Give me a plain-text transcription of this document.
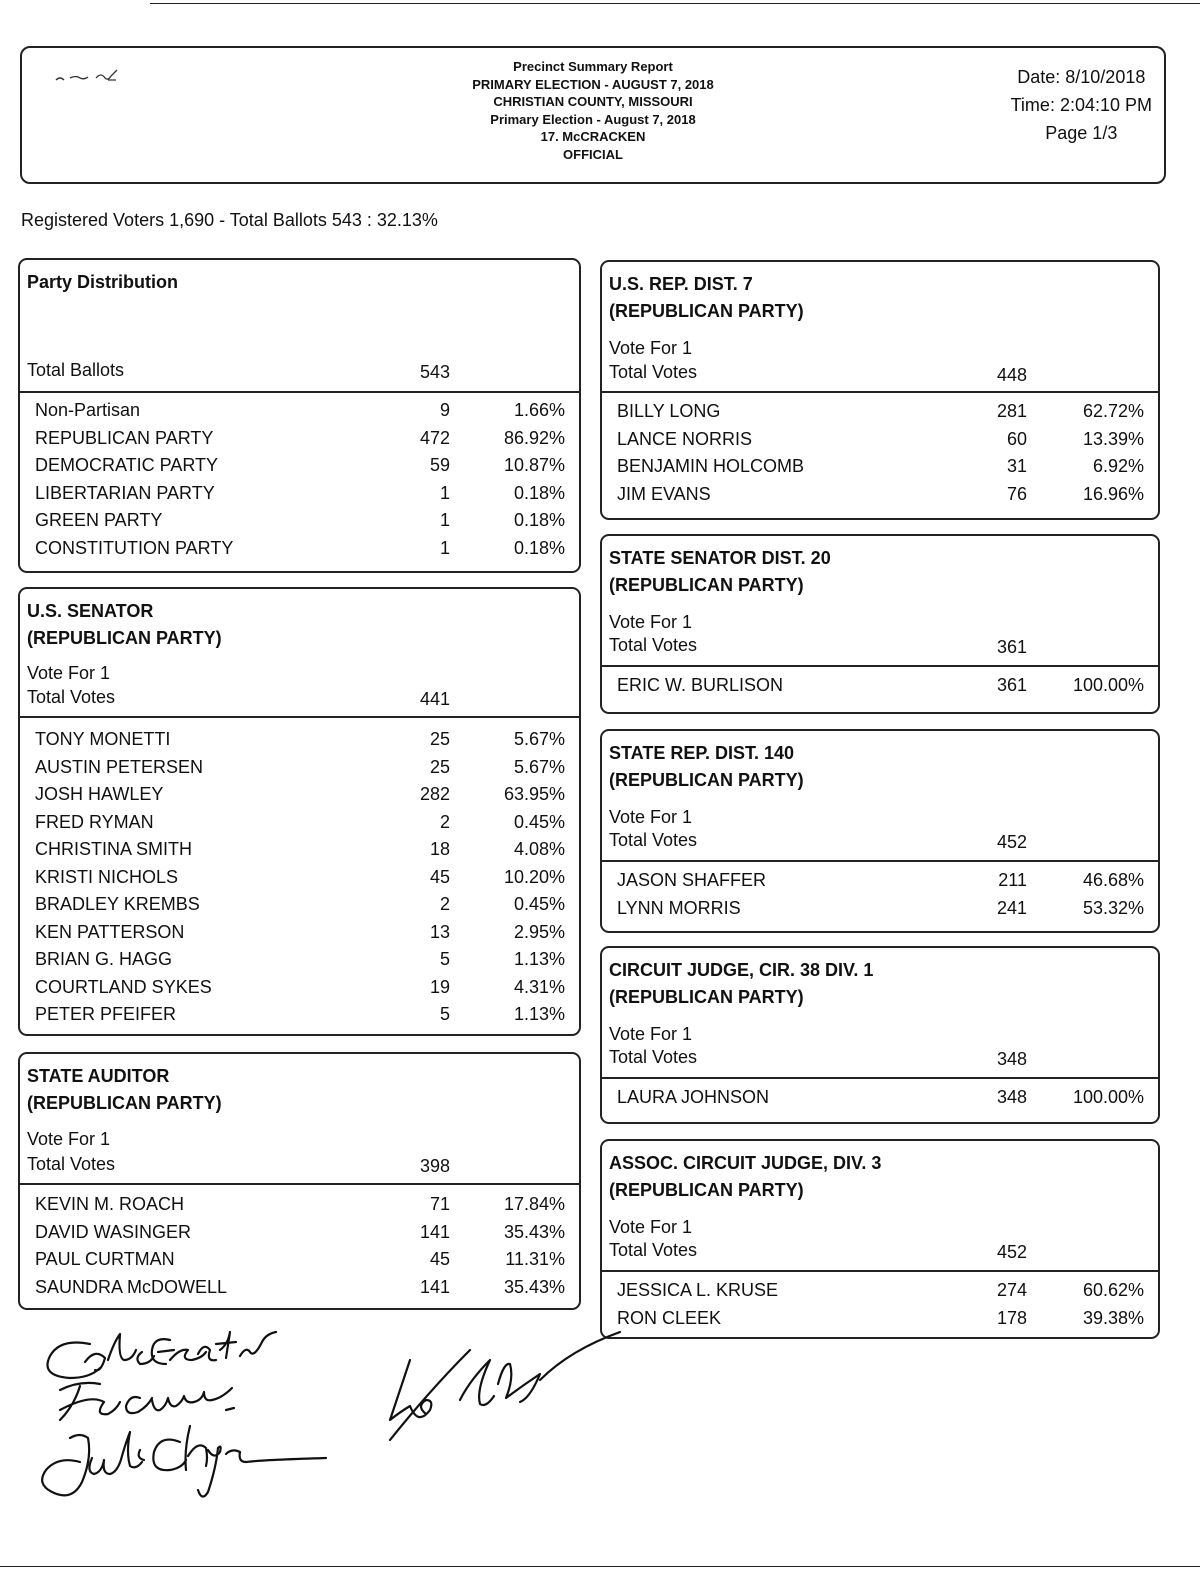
Precinct Summary Report
PRIMARY ELECTION - AUGUST 7, 2018
CHRISTIAN COUNTY, MISSOURI
Primary Election - August 7, 2018
17. McCRACKEN
OFFICIAL
Date: 8/10/2018
Time: 2:04:10 PM
Page 1/3
Registered Voters 1,690 - Total Ballots 543 : 32.13%
Party Distribution
Total Ballots	543
Non-Partisan	9	1.66%
REPUBLICAN PARTY	472	86.92%
DEMOCRATIC PARTY	59	10.87%
LIBERTARIAN PARTY	1	0.18%
GREEN PARTY	1	0.18%
CONSTITUTION PARTY	1	0.18%
U.S. SENATOR
(REPUBLICAN PARTY)
Vote For 1
Total Votes	441
TONY MONETTI	25	5.67%
AUSTIN PETERSEN	25	5.67%
JOSH HAWLEY	282	63.95%
FRED RYMAN	2	0.45%
CHRISTINA SMITH	18	4.08%
KRISTI NICHOLS	45	10.20%
BRADLEY KREMBS	2	0.45%
KEN PATTERSON	13	2.95%
BRIAN G. HAGG	5	1.13%
COURTLAND SYKES	19	4.31%
PETER PFEIFER	5	1.13%
STATE AUDITOR
(REPUBLICAN PARTY)
Vote For 1
Total Votes	398
KEVIN M. ROACH	71	17.84%
DAVID WASINGER	141	35.43%
PAUL CURTMAN	45	11.31%
SAUNDRA McDOWELL	141	35.43%
U.S. REP. DIST. 7
(REPUBLICAN PARTY)
Vote For 1
Total Votes	448
BILLY LONG	281	62.72%
LANCE NORRIS	60	13.39%
BENJAMIN HOLCOMB	31	6.92%
JIM EVANS	76	16.96%
STATE SENATOR DIST. 20
(REPUBLICAN PARTY)
Vote For 1
Total Votes	361
ERIC W. BURLISON	361	100.00%
STATE REP. DIST. 140
(REPUBLICAN PARTY)
Vote For 1
Total Votes	452
JASON SHAFFER	211	46.68%
LYNN MORRIS	241	53.32%
CIRCUIT JUDGE, CIR. 38 DIV. 1
(REPUBLICAN PARTY)
Vote For 1
Total Votes	348
LAURA JOHNSON	348	100.00%
ASSOC. CIRCUIT JUDGE, DIV. 3
(REPUBLICAN PARTY)
Vote For 1
Total Votes	452
JESSICA L. KRUSE	274	60.62%
RON CLEEK	178	39.38%
